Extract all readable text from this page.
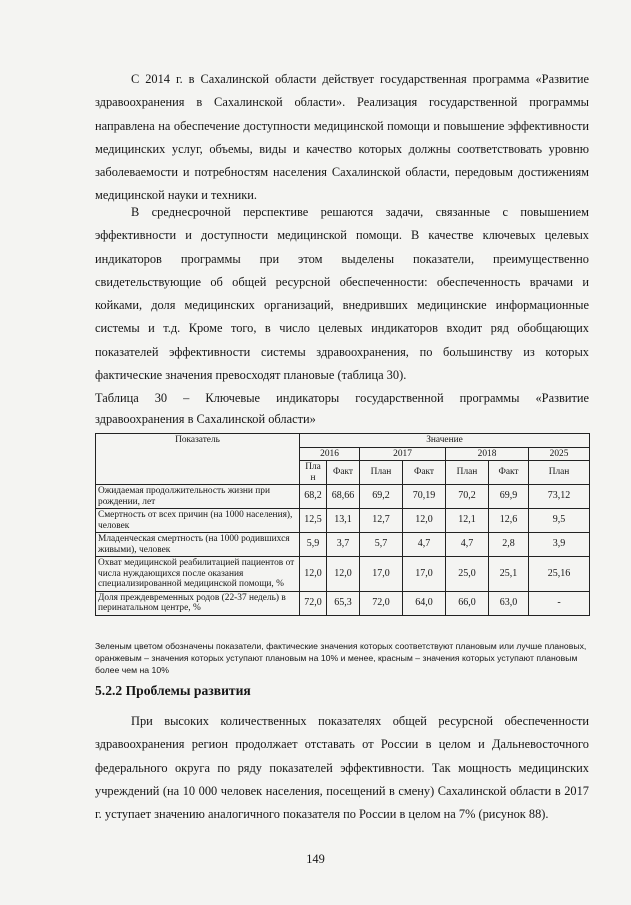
С 2014 г. в Сахалинской области действует государственная программа «Развитие здравоохранения в Сахалинской области». Реализация государственной программы направлена на обеспечение доступности медицинской помощи и повышение эффективности медицинских услуг, объемы, виды и качество которых должны соответствовать уровню заболеваемости и потребностям населения Сахалинской области, передовым достижениям медицинской науки и техники.

В среднесрочной перспективе решаются задачи, связанные с повышением эффективности и доступности медицинской помощи. В качестве ключевых целевых индикаторов программы при этом выделены показатели, преимущественно свидетельствующие об общей ресурсной обеспеченности: обеспеченность врачами и койками, доля медицинских организаций, внедривших медицинские информационные системы и т.д. Кроме того, в число целевых индикаторов входит ряд обобщающих показателей эффективности системы здравоохранения, по большинству из которых фактические значения превосходят плановые (таблица 30).

Таблица 30 – Ключевые индикаторы государственной программы «Развитие
здравоохранения в Сахалинской области»
Показатель	Значение						
	2016		2017		2018		2025
	Пла н	Факт	План	Факт	План	Факт	План
Ожидаемая продолжительность жизни при рождении, лет	68,2	68,66	69,2	70,19	70,2	69,9	73,12
Смертность от всех причин (на 1000 населения), человек	12,5	13,1	12,7	12,0	12,1	12,6	9,5
Младенческая смертность (на 1000 родившихся живыми), человек	5,9	3,7	5,7	4,7	4,7	2,8	3,9
Охват медицинской реабилитацией пациентов от числа нуждающихся после оказания специализированной медицинской помощи, %	12,0	12,0	17,0	17,0	25,0	25,1	25,16
Доля преждевременных родов (22-37 недель) в перинатальном центре, %	72,0	65,3	72,0	64,0	66,0	63,0	-

Зеленым цветом обозначены показатели, фактические значения которых соответствуют плановым или лучше плановых, оранжевым – значения которых уступают плановым на 10% и менее, красным – значения которых уступают плановым более чем на 10%

5.2.2 Проблемы развития

При высоких количественных показателях общей ресурсной обеспеченности здравоохранения регион продолжает отставать от России в целом и Дальневосточного федерального округа по ряду показателей эффективности. Так мощность медицинских учреждений (на 10 000 человек населения, посещений в смену) Сахалинской области в 2017 г. уступает значению аналогичного показателя по России в целом на 7% (рисунок 88).

149
